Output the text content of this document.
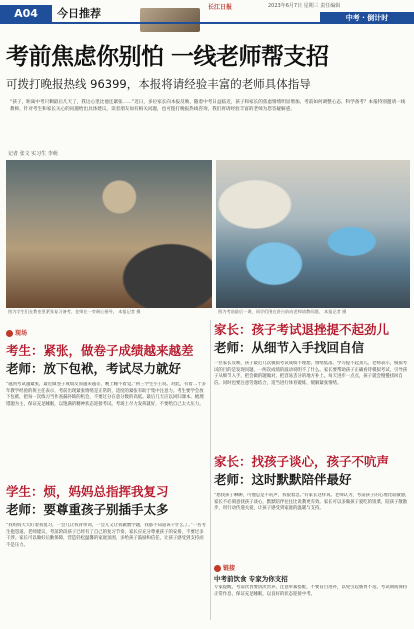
A04	今日推荐	长江日报	2023年6月7日 星期三 责任编辑
中考 · 倒计时
考前焦虑你别怕 一线老师帮支招
可拨打晚报热线 96399，本报将请经验丰富的老师具体指导
“孩子，距离中考只剩最后几天了，我这心里比他还紧张……”近日，多位家长向本报反映，随着中考日益临近，孩子和家长的焦虑情绪明显增加。考前如何调整心态、科学备考？本报特别邀请一线教师，针对考生和家长关心的问题给出具体建议。读者朋友如有相关问题，也可拨打晚报热线咨询，我们将请经验丰富的老师为您答疑解惑。
记者 张文 实习生 李萌
图为学生们在教室里紧张复习备考，老师在一旁耐心指导。 本报记者 摄	图为考前最后一课，同学们围在讲台前向老师请教问题。 本报记者 摄
现场
考生：紧张，做卷子成绩越来越差
老师：放下包袱，考试尽力就好
“越到考试越紧张，最近做卷子成绩反而越来越差，晚上睡不着觉。”初三学生小王说。对此，有着二十多年教学经验的班主任表示，考前出现紧张情绪是正常的，适度的紧张有助于集中注意力。考生要学会放下包袱，把每一次练习当作查漏补缺的机会，不要过分在意分数的高低。最后几天应以回归课本、梳理错题为主，保证充足睡眠，以饱满的精神状态迎接考试。考场上尽力发挥就好，不要给自己太大压力。
学生：烦，妈妈总指挥我复习
老师：要尊重孩子别插手太多
“我妈妈天天盯着我复习，一会儿让我背单词，一会儿又让我做数学题，我都不知道该干什么了。”一名考生抱怨道。老师建议，考前阶段孩子已经有了自己的复习节奏，家长应充分尊重孩子的安排，不要过多干涉。家长可以做好后勤保障，营造轻松温馨的家庭氛围，多给孩子鼓励和信任，让孩子感受到支持而不是压力。
家长：孩子考试退挫提不起劲儿
老师：从细节入手找回自信
一位家长反映，孩子最近几次模拟考试成绩不理想，情绪低落，学习提不起劲儿。老师表示，模拟考试的目的是发现问题，一两次成绩的波动说明不了什么。家长要帮助孩子正确看待模拟考试，引导孩子从细节入手，把会做的题做对，把容易丢分的地方补上。每天进步一点点，孩子就会慢慢找回自信。同时也要注意劳逸结合，适当进行体育锻炼，缓解紧张情绪。
家长：找孩子谈心，孩子不吭声
老师：这时默默陪伴最好
“想找孩子聊聊，可他总是不吭声，我很着急。”有家长这样说。老师认为，考前孩子的心理比较敏感，家长不必刻意找孩子谈心，默默陪伴往往比说教更有效。家长可以多做孩子爱吃的饭菜，陪孩子散散步，用行动传递关爱，让孩子感受到家庭的温暖与支持。
链接
中考前饮食 专家为你支招
专家提醒，考前饮食要清淡营养，注意荤素搭配，不要盲目进补，以免引起肠胃不适。考试期间保持正常作息，保证充足睡眠，以良好的状态迎接中考。
